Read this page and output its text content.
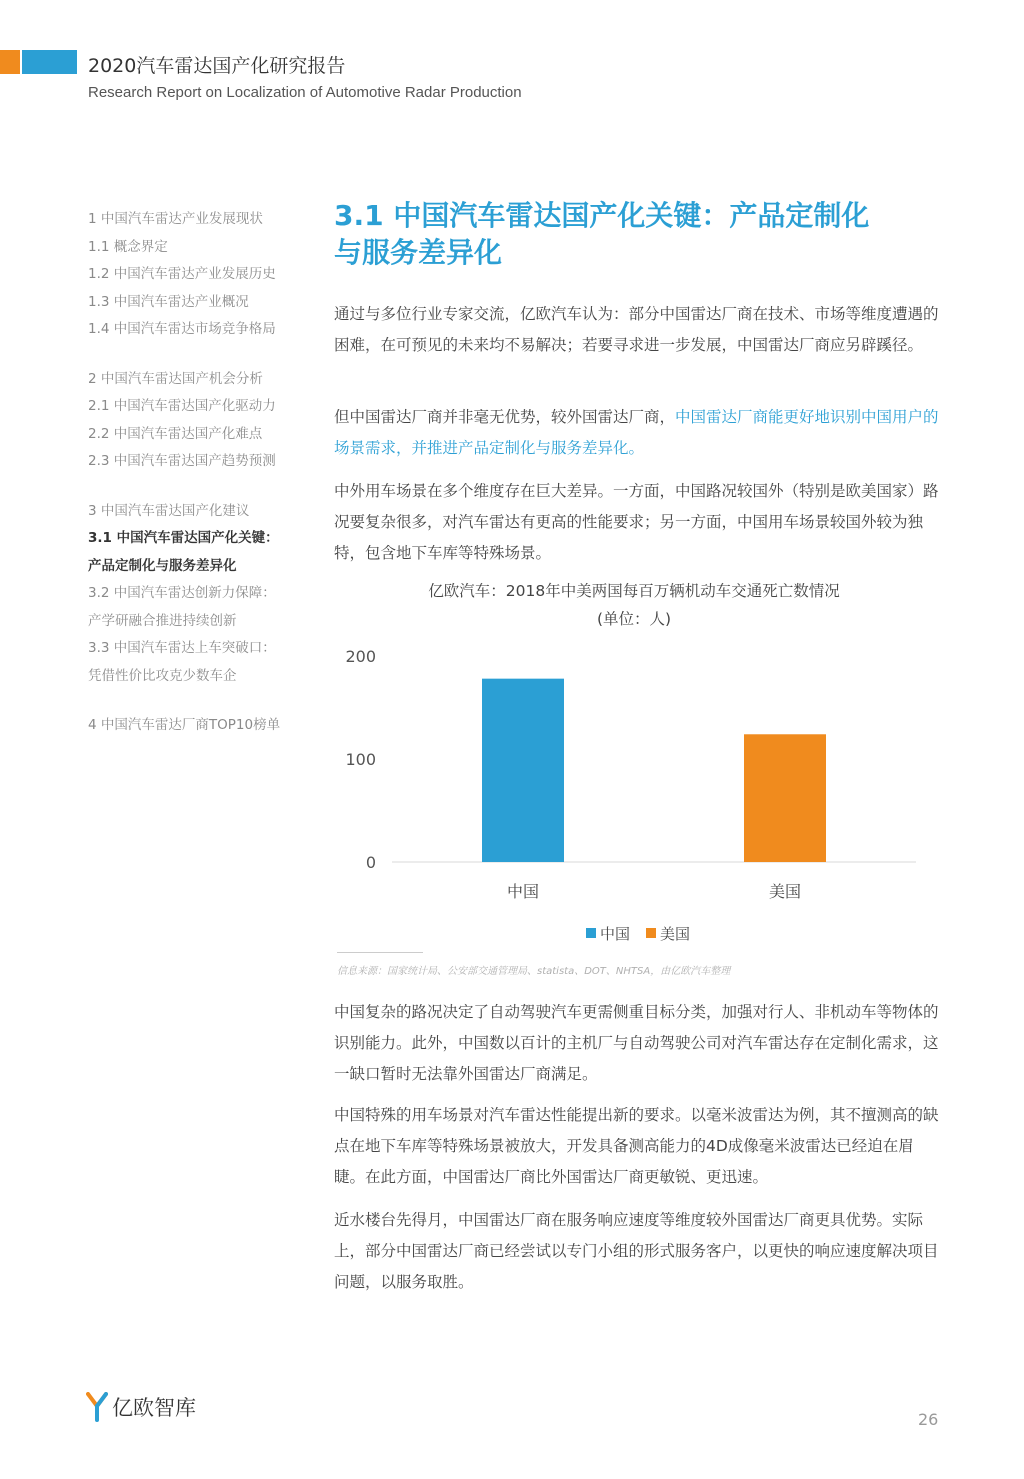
2020汽车雷达国产化研究报告
Research Report on Localization of Automotive Radar Production
1 中国汽车雷达产业发展现状
1.1 概念界定
1.2 中国汽车雷达产业发展历史
1.3 中国汽车雷达产业概况
1.4 中国汽车雷达市场竞争格局
2 中国汽车雷达国产机会分析
2.1 中国汽车雷达国产化驱动力
2.2 中国汽车雷达国产化难点
2.3 中国汽车雷达国产趋势预测
3 中国汽车雷达国产化建议
3.1 中国汽车雷达国产化关键：
产品定制化与服务差异化
3.2 中国汽车雷达创新力保障：
产学研融合推进持续创新
3.3 中国汽车雷达上车突破口：
凭借性价比攻克少数车企
4 中国汽车雷达厂商TOP10榜单
3.1 中国汽车雷达国产化关键：产品定制化
与服务差异化
通过与多位行业专家交流，亿欧汽车认为：部分中国雷达厂商在技术、市场等维度遭遇的困难，在可预见的未来均不易解决；若要寻求进一步发展，中国雷达厂商应另辟蹊径。
但中国雷达厂商并非毫无优势，较外国雷达厂商，中国雷达厂商能更好地识别中国用户的场景需求，并推进产品定制化与服务差异化。
中外用车场景在多个维度存在巨大差异。一方面，中国路况较国外（特别是欧美国家）路况要复杂很多，对汽车雷达有更高的性能要求；另一方面，中国用车场景较国外较为独特，包含地下车库等特殊场景。
亿欧汽车：2018年中美两国每百万辆机动车交通死亡数情况
(单位：人)
0
100
200
中国	美国
中国 美国
信息来源：国家统计局、公安部交通管理局、statista、DOT、NHTSA，由亿欧汽车整理
中国复杂的路况决定了自动驾驶汽车更需侧重目标分类，加强对行人、非机动车等物体的识别能力。此外，中国数以百计的主机厂与自动驾驶公司对汽车雷达存在定制化需求，这一缺口暂时无法靠外国雷达厂商满足。
中国特殊的用车场景对汽车雷达性能提出新的要求。以毫米波雷达为例，其不擅测高的缺点在地下车库等特殊场景被放大，开发具备测高能力的4D成像毫米波雷达已经迫在眉睫。在此方面，中国雷达厂商比外国雷达厂商更敏锐、更迅速。
近水楼台先得月，中国雷达厂商在服务响应速度等维度较外国雷达厂商更具优势。实际上，部分中国雷达厂商已经尝试以专门小组的形式服务客户，以更快的响应速度解决项目问题，以服务取胜。
亿欧智库	26
